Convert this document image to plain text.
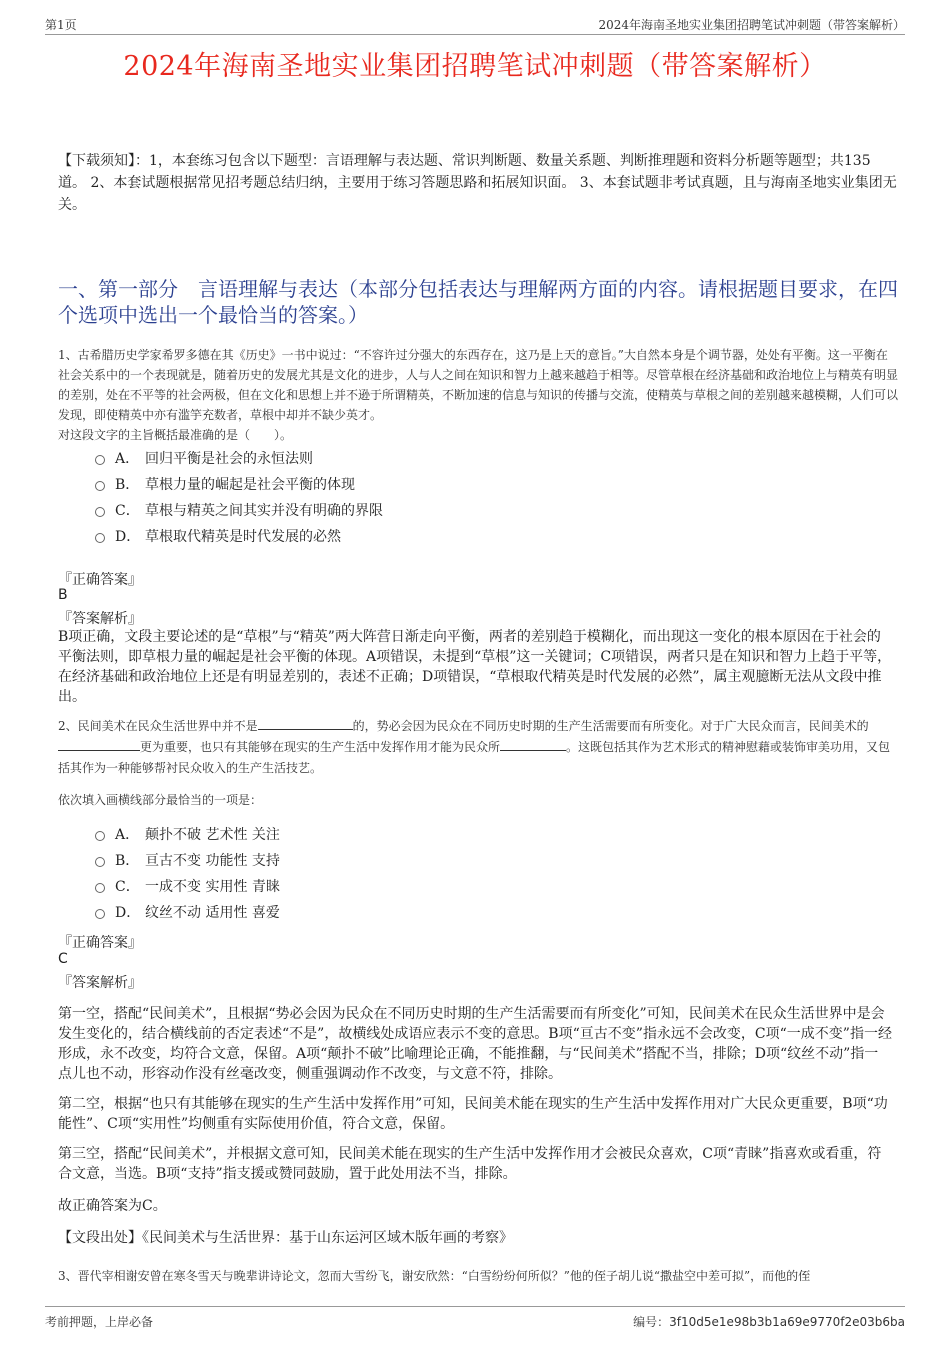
第1页	2024年海南圣地实业集团招聘笔试冲刺题（带答案解析）
2024年海南圣地实业集团招聘笔试冲刺题（带答案解析）
【下载须知】：1，本套练习包含以下题型：言语理解与表达题、常识判断题、数量关系题、判断推理题和资料分析题等题型；共135道。 2、本套试题根据常见招考题总结归纳，主要用于练习答题思路和拓展知识面。 3、本套试题非考试真题，且与海南圣地实业集团无关。
一、第一部分　言语理解与表达（本部分包括表达与理解两方面的内容。请根据题目要求，在四个选项中选出一个最恰当的答案。）
1、古希腊历史学家希罗多德在其《历史》一书中说过：“不容许过分强大的东西存在，这乃是上天的意旨。”大自然本身是个调节器，处处有平衡。这一平衡在社会关系中的一个表现就是，随着历史的发展尤其是文化的进步，人与人之间在知识和智力上越来越趋于相等。尽管草根在经济基础和政治地位上与精英有明显的差别，处在不平等的社会两极，但在文化和思想上并不逊于所谓精英，不断加速的信息与知识的传播与交流，使精英与草根之间的差别越来越模糊，人们可以发现，即使精英中亦有滥竽充数者，草根中却并不缺少英才。
对这段文字的主旨概括最准确的是（　　）。
A． 回归平衡是社会的永恒法则
B． 草根力量的崛起是社会平衡的体现
C． 草根与精英之间其实并没有明确的界限
D． 草根取代精英是时代发展的必然
『正确答案』
B
『答案解析』
B项正确，文段主要论述的是“草根”与“精英”两大阵营日渐走向平衡，两者的差别趋于模糊化，而出现这一变化的根本原因在于社会的平衡法则，即草根力量的崛起是社会平衡的体现。A项错误，未提到“草根”这一关键词；C项错误，两者只是在知识和智力上趋于平等，在经济基础和政治地位上还是有明显差别的，表述不正确；D项错误，“草根取代精英是时代发展的必然”，属主观臆断无法从文段中推出。
2、民间美术在民众生活世界中并不是	的，势必会因为民众在不同历史时期的生产生活需要而有所变化。对于广大民众而言，民间美术的更为重要，也只有其能够在现实的生产生活中发挥作用才能为民众所	。这既包括其作为艺术形式的精神慰藉或装饰审美功用，又包括其作为一种能够帮衬民众收入的生产生活技艺。
依次填入画横线部分最恰当的一项是：
A． 颠扑不破 艺术性 关注
B． 亘古不变 功能性 支持
C． 一成不变 实用性 青睐
D． 纹丝不动 适用性 喜爱
『正确答案』
C
『答案解析』
第一空，搭配“民间美术”，且根据“势必会因为民众在不同历史时期的生产生活需要而有所变化”可知，民间美术在民众生活世界中是会发生变化的，结合横线前的否定表述“不是”，故横线处成语应表示不变的意思。B项“亘古不变”指永远不会改变，C项“一成不变”指一经形成，永不改变，均符合文意，保留。A项“颠扑不破”比喻理论正确，不能推翻，与“民间美术”搭配不当，排除；D项“纹丝不动”指一点儿也不动，形容动作没有丝毫改变，侧重强调动作不改变，与文意不符，排除。
第二空，根据“也只有其能够在现实的生产生活中发挥作用”可知，民间美术能在现实的生产生活中发挥作用对广大民众更重要，B项“功能性”、C项“实用性”均侧重有实际使用价值，符合文意，保留。
第三空，搭配“民间美术”，并根据文意可知，民间美术能在现实的生产生活中发挥作用才会被民众喜欢，C项“青睐”指喜欢或看重，符合文意，当选。B项“支持”指支援或赞同鼓励，置于此处用法不当，排除。
故正确答案为C。
【文段出处】《民间美术与生活世界：基于山东运河区域木版年画的考察》
3、晋代宰相谢安曾在寒冬雪天与晚辈讲诗论文，忽而大雪纷飞，谢安欣然：“白雪纷纷何所似？”他的侄子胡儿说“撒盐空中差可拟”，而他的侄
考前押题，上岸必备	编号：3f10d5e1e98b3b1a69e9770f2e03b6ba
